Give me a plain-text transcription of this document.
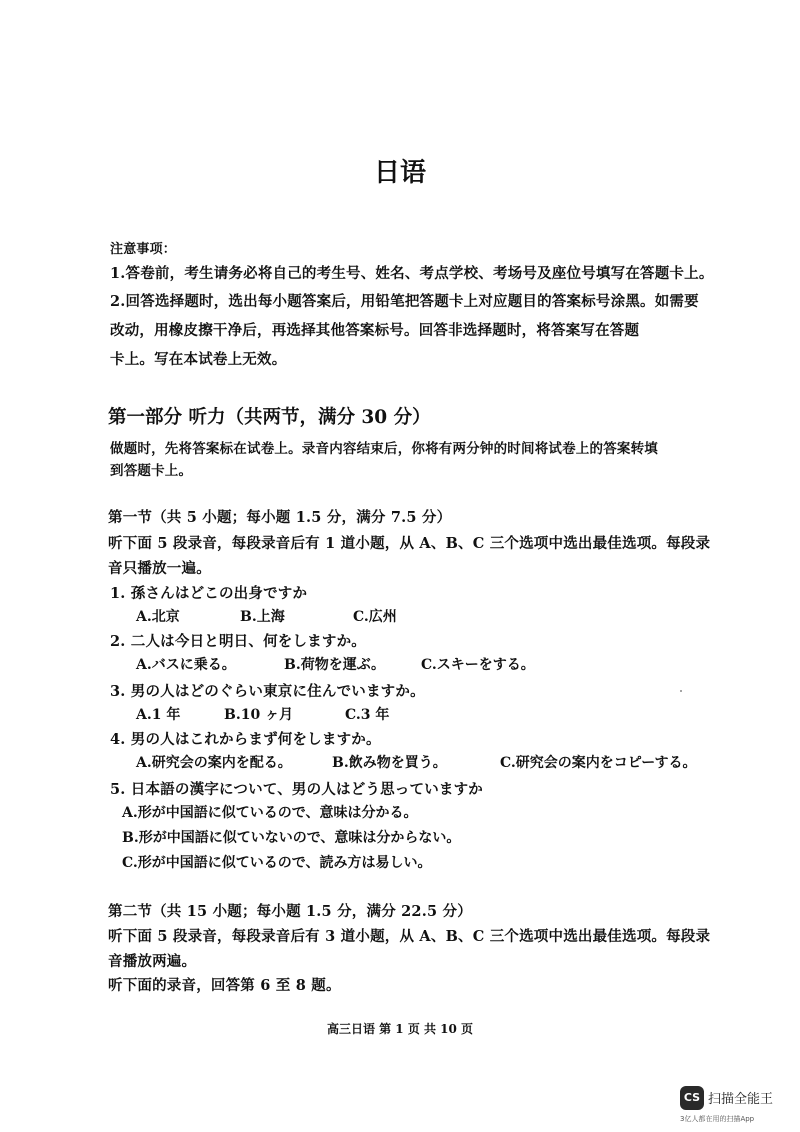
日语
注意事项：
1.答卷前，考生请务必将自己的考生号、姓名、考点学校、考场号及座位号填写在答题卡上。
2.回答选择题时，选出每小题答案后，用铅笔把答题卡上对应题目的答案标号涂黑。如需要
改动，用橡皮擦干净后，再选择其他答案标号。回答非选择题时，将答案写在答题
卡上。写在本试卷上无效。
第一部分 听力（共两节，满分 30 分）
做题时，先将答案标在试卷上。录音内容结束后，你将有两分钟的时间将试卷上的答案转填
到答题卡上。
第一节（共 5 小题；每小题 1.5 分，满分 7.5 分）
听下面 5 段录音，每段录音后有 1 道小题，从 A、B、C 三个选项中选出最佳选项。每段录
音只播放一遍。
1. 孫さんはどこの出身ですか
A.北京	B.上海	C.広州
2. 二人は今日と明日、何をしますか。
A.バスに乗る。	B.荷物を運ぶ。	C.スキーをする。
3. 男の人はどのぐらい東京に住んでいますか。
A.1 年	B.10 ヶ月	C.3 年
4. 男の人はこれからまず何をしますか。
A.研究会の案内を配る。	B.飲み物を買う。	C.研究会の案内をコピーする。
5. 日本語の漢字について、男の人はどう思っていますか
A.形が中国語に似ているので、意味は分かる。
B.形が中国語に似ていないので、意味は分からない。
C.形が中国語に似ているので、読み方は易しい。
第二节（共 15 小题；每小题 1.5 分，满分 22.5 分）
听下面 5 段录音，每段录音后有 3 道小题，从 A、B、C 三个选项中选出最佳选项。每段录
音播放两遍。
听下面的录音，回答第 6 至 8 题。
高三日语 第 1 页 共 10 页
CS 扫描全能王
3亿人都在用的扫描App
